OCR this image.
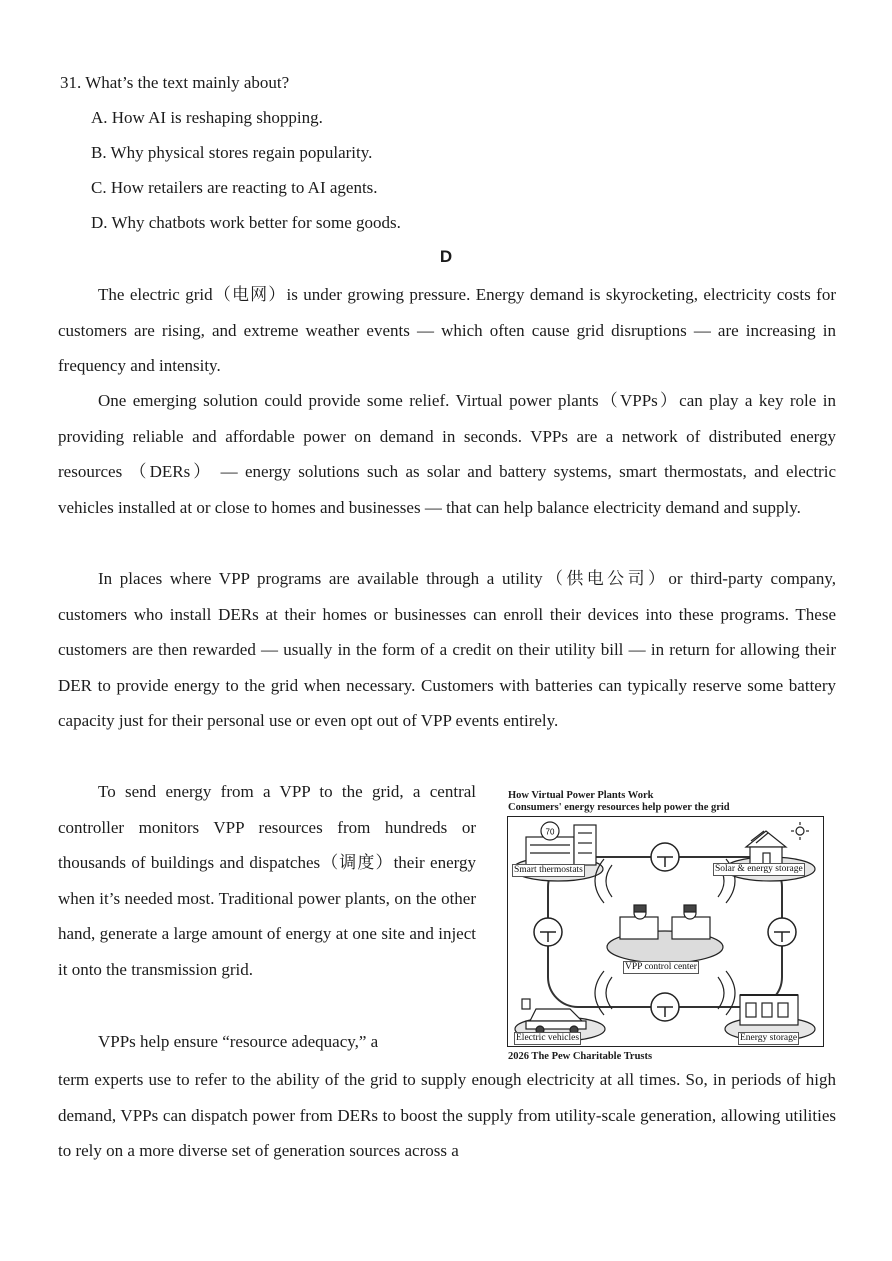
31. What’s the text mainly about?
A. How AI is reshaping shopping.
B. Why physical stores regain popularity.
C. How retailers are reacting to AI agents.
D. Why chatbots work better for some goods.
D

The electric grid（电网）is under growing pressure. Energy demand is skyrocketing, electricity costs for customers are rising, and extreme weather events — which often cause grid disruptions — are increasing in frequency and intensity.

One emerging solution could provide some relief. Virtual power plants（VPPs）can play a key role in providing reliable and affordable power on demand in seconds. VPPs are a network of distributed energy resources （DERs） — energy solutions such as solar and battery systems, smart thermostats, and electric vehicles installed at or close to homes and businesses — that can help balance electricity demand and supply.

In places where VPP programs are available through a utility（供电公司）or third-party company, customers who install DERs at their homes or businesses can enroll their devices into these programs. These customers are then rewarded — usually in the form of a credit on their utility bill — in return for allowing their DER to provide energy to the grid when necessary. Customers with batteries can typically reserve some battery capacity just for their personal use or even opt out of VPP events entirely.

To send energy from a VPP to the grid, a central controller monitors VPP resources from hundreds or thousands of buildings and dispatches（调度）their energy when it’s needed most. Traditional power plants, on the other hand, generate a large amount of energy at one site and inject it onto the transmission grid.

VPPs help ensure “resource adequacy,” a

term experts use to refer to the ability of the grid to supply enough electricity at all times. So, in periods of high demand, VPPs can dispatch power from DERs to boost the supply from utility-scale generation, allowing utilities to rely on a more diverse set of generation sources across a

How Virtual Power Plants Work
Consumers' energy resources help power the grid
70
Smart thermostats	Solar & energy storage
VPP control center
Electric vehicles	Energy storage
2026 The Pew Charitable Trusts
